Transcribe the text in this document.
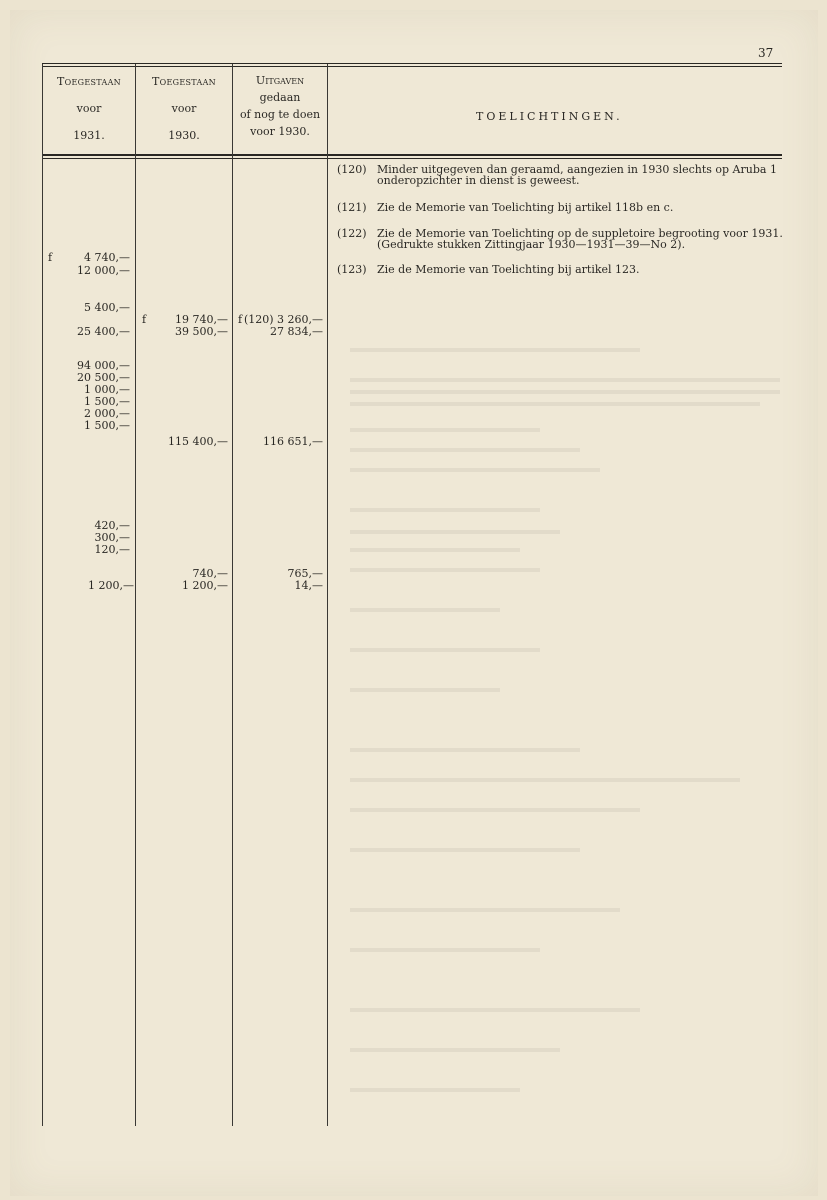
37
Toegestaan
voor
1931.
Toegestaan
voor
1930.
Uitgaven
gedaan
of nog te doen
voor 1930.
TOELICHTINGEN.
f	4 740,—
12 000,—
5 400,—
25 400,—
94 000,—
20 500,—
1 000,—
1 500,—
2 000,—
1 500,—
420,—
300,—
120,—
1 200,—
f	19 740,—
39 500,—
115 400,—
740,—
1 200,—
f (120) 3 260,—
27 834,—
116 651,—
765,—
14,—
(120) Minder uitgegeven dan geraamd, aangezien in 1930 slechts op Aruba 1 onderopzichter in dienst is geweest.
(121) Zie de Memorie van Toelichting bij artikel 118b en c.
(122) Zie de Memorie van Toelichting op de suppletoire begrooting voor 1931. (Gedrukte stukken Zittingjaar 1930—1931—39—No 2).
(123) Zie de Memorie van Toelichting bij artikel 123.
